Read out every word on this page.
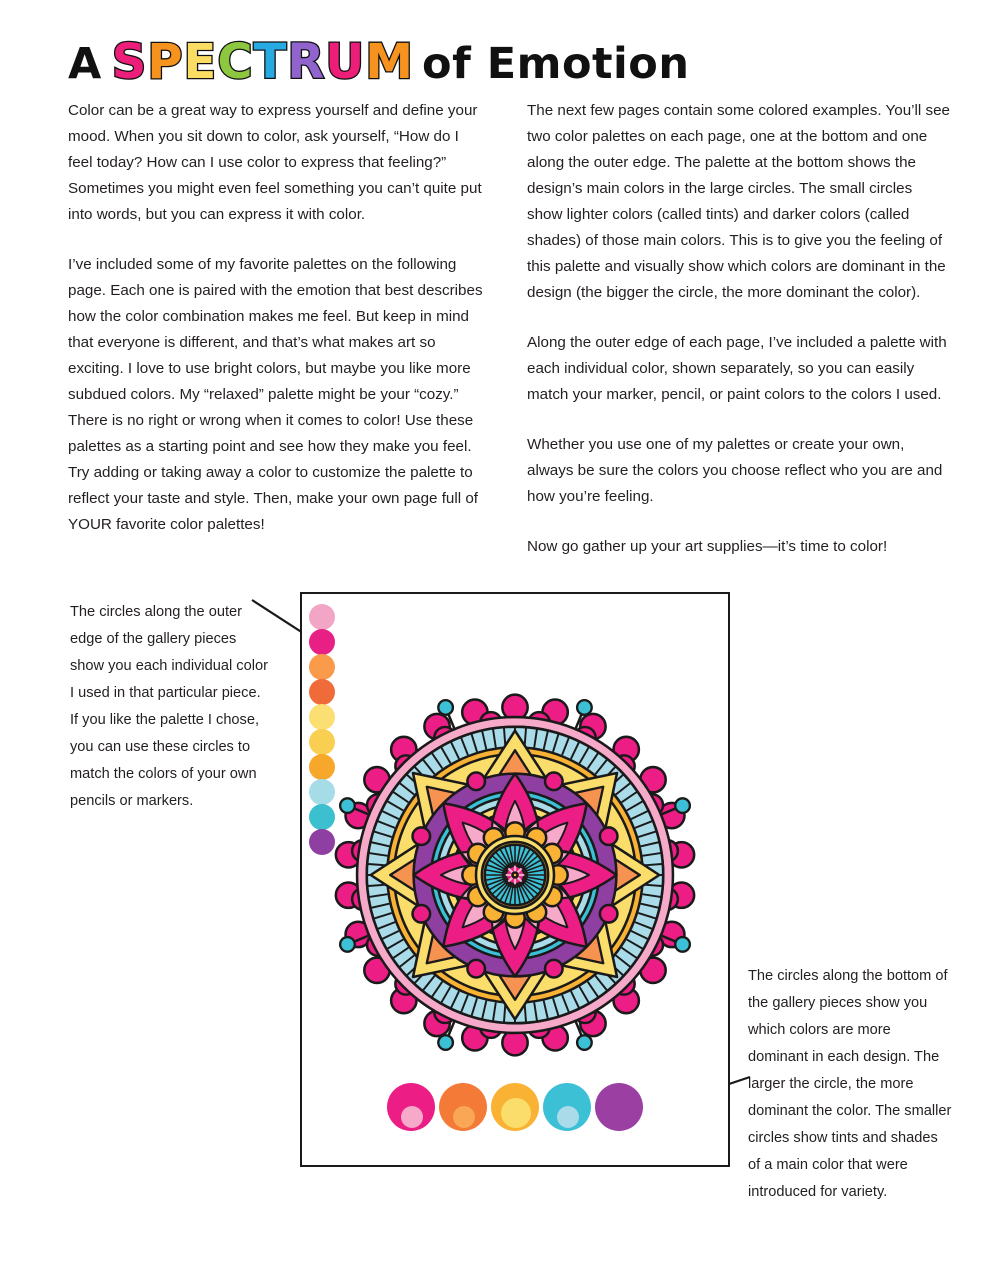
A SPECTRUM of Emotion

Color can be a great way to express yourself and define your mood. When you sit down to color, ask yourself, “How do I feel today? How can I use color to express that feeling?” Sometimes you might even feel something you can’t quite put into words, but you can express it with color.

I’ve included some of my favorite palettes on the following page. Each one is paired with the emotion that best describes how the color combination makes me feel. But keep in mind that everyone is different, and that’s what makes art so exciting. I love to use bright colors, but maybe you like more subdued colors. My “relaxed” palette might be your “cozy.” There is no right or wrong when it comes to color! Use these palettes as a starting point and see how they make you feel. Try adding or taking away a color to customize the palette to reflect your taste and style. Then, make your own page full of YOUR favorite color palettes!

The next few pages contain some colored examples. You’ll see two color palettes on each page, one at the bottom and one along the outer edge. The palette at the bottom shows the design’s main colors in the large circles. The small circles show lighter colors (called tints) and darker colors (called shades) of those main colors. This is to give you the feeling of this palette and visually show which colors are dominant in the design (the bigger the circle, the more dominant the color).

Along the outer edge of each page, I’ve included a palette with each individual color, shown separately, so you can easily match your marker, pencil, or paint colors to the colors I used.

Whether you use one of my palettes or create your own, always be sure the colors you choose reflect who you are and how you’re feeling.

Now go gather up your art supplies—it’s time to color!

The circles along the outer edge of the gallery pieces show you each individual color I used in that particular piece. If you like the palette I chose, you can use these circles to match the colors of your own pencils or markers.
The circles along the bottom of the gallery pieces show you which colors are more dominant in each design. The larger the circle, the more dominant the color. The smaller circles show tints and shades of a main color that were introduced for variety.
